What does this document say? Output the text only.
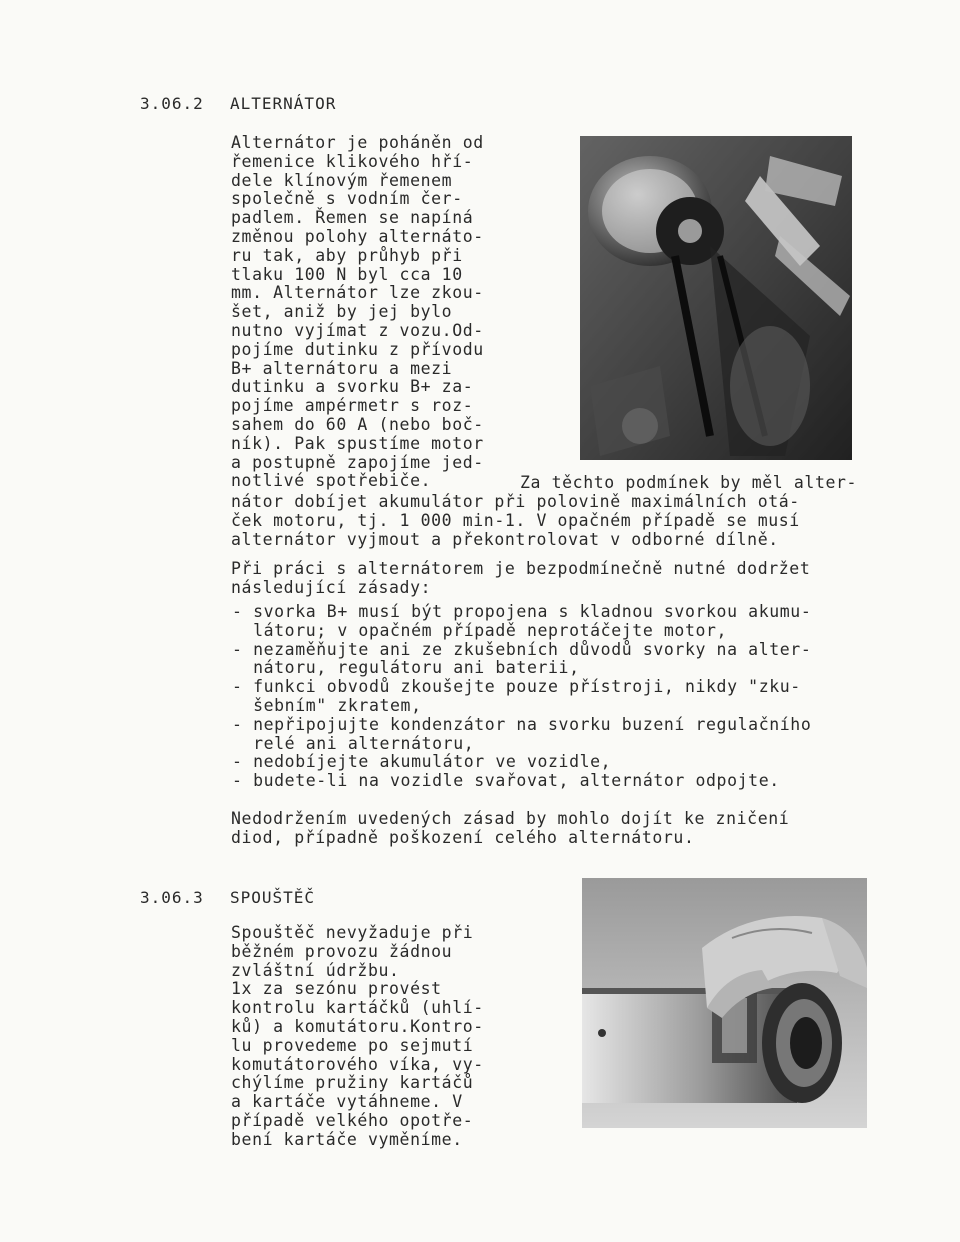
3.06.2 ALTERNÁTOR

Alternátor je poháněn od
řemenice klikového hří-
dele klínovým řemenem
společně s vodním čer-
padlem. Řemen se napíná
změnou polohy alternáto-
ru tak, aby průhyb při
tlaku 100 N byl cca 10
mm. Alternátor lze zkou-
šet, aniž by jej bylo
nutno vyjímat z vozu.Od-
pojíme dutinku z přívodu
B+ alternátoru a mezi
dutinku a svorku B+ za-
pojíme ampérmetr s roz-
sahem do 60 A (nebo boč-
ník). Pak spustíme motor
a postupně zapojíme jed-
notlivé spotřebiče.	Za těchto podmínek by měl alter-

nátor dobíjet akumulátor při polovině maximálních otá-
ček motoru, tj. 1 000 min-1. V opačném případě se musí
alternátor vyjmout a překontrolovat v odborné dílně.

Při práci s alternátorem je bezpodmínečně nutné dodržet
následující zásady:

- svorka B+ musí být propojena s kladnou svorkou akumu-
látoru; v opačném případě neprotáčejte motor,
- nezaměňujte ani ze zkušebních důvodů svorky na alter-
nátoru, regulátoru ani baterii,
- funkci obvodů zkoušejte pouze přístroji, nikdy "zku-
šebním" zkratem,
- nepřipojujte kondenzátor na svorku buzení regulačního
relé ani alternátoru,
- nedobíjejte akumulátor ve vozidle,
- budete-li na vozidle svařovat, alternátor odpojte.

Nedodržením uvedených zásad by mohlo dojít ke zničení
diod, případně poškození celého alternátoru.

3.06.3 SPOUŠTĚČ

Spouštěč nevyžaduje při
běžném provozu žádnou
zvláštní údržbu.
1x za sezónu provést
kontrolu kartáčků (uhlí-
ků) a komutátoru.Kontro-
lu provedeme po sejmutí
komutátorového víka, vy-
chýlíme pružiny kartáčů
a kartáče vytáhneme. V
případě velkého opotře-
bení kartáče vyměníme.
